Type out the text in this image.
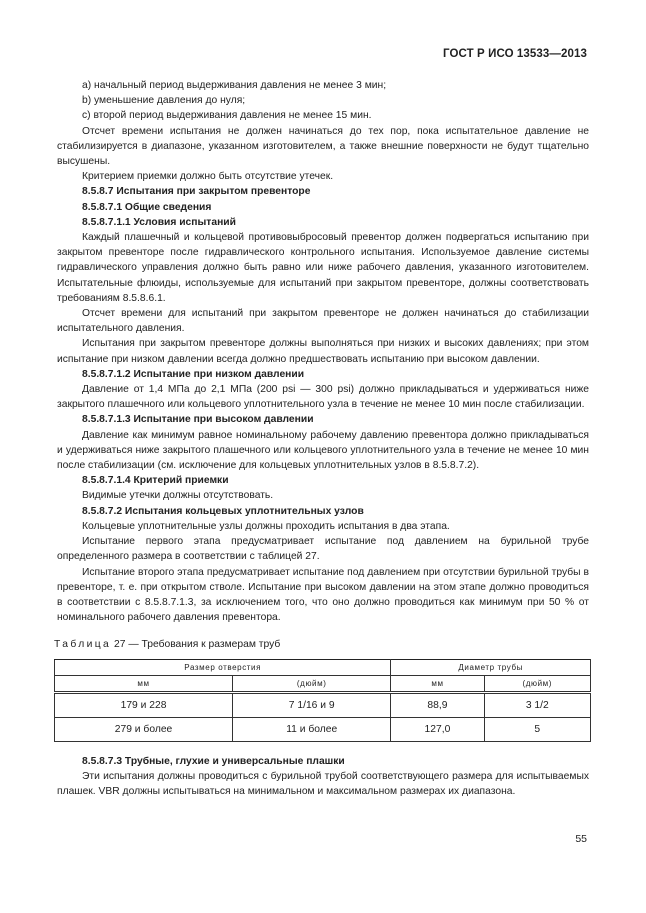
ГОСТ Р ИСО 13533—2013
a) начальный период выдерживания давления не менее 3 мин;
b) уменьшение давления до нуля;
c) второй период выдерживания давления не менее 15 мин.
Отсчет времени испытания не должен начинаться до тех пор, пока испытательное давление не стабилизируется в диапазоне, указанном изготовителем, а также внешние поверхности не будут тщательно высушены.
Критерием приемки должно быть отсутствие утечек.
8.5.8.7 Испытания при закрытом превенторе
8.5.8.7.1 Общие сведения
8.5.8.7.1.1 Условия испытаний
Каждый плашечный и кольцевой противовыбросовый превентор должен подвергаться испытанию при закрытом превенторе после гидравлического контрольного испытания. Используемое давление системы гидравлического управления должно быть равно или ниже рабочего давления, указанного изготовителем. Испытательные флюиды, используемые для испытаний при закрытом превенторе, должны соответствовать требованиям 8.5.8.6.1.
Отсчет времени для испытаний при закрытом превенторе не должен начинаться до стабилизации испытательного давления.
Испытания при закрытом превенторе должны выполняться при низких и высоких давлениях; при этом испытание при низком давлении всегда должно предшествовать испытанию при высоком давлении.
8.5.8.7.1.2 Испытание при низком давлении
Давление от 1,4 МПа до 2,1 МПа (200 psi — 300 psi) должно прикладываться и удерживаться ниже закрытого плашечного или кольцевого уплотнительного узла в течение не менее 10 мин после стабилизации.
8.5.8.7.1.3 Испытание при высоком давлении
Давление как минимум равное номинальному рабочему давлению превентора должно прикладываться и удерживаться ниже закрытого плашечного или кольцевого уплотнительного узла в течение не менее 10 мин после стабилизации (см. исключение для кольцевых уплотнительных узлов в 8.5.8.7.2).
8.5.8.7.1.4 Критерий приемки
Видимые утечки должны отсутствовать.
8.5.8.7.2 Испытания кольцевых уплотнительных узлов
Кольцевые уплотнительные узлы должны проходить испытания в два этапа.
Испытание первого этапа предусматривает испытание под давлением на бурильной трубе определенного размера в соответствии с таблицей 27.
Испытание второго этапа предусматривает испытание под давлением при отсутствии бурильной трубы в превенторе, т. е. при открытом стволе. Испытание при высоком давлении на этом этапе должно проводиться в соответствии с 8.5.8.7.1.3, за исключением того, что оно должно проводиться как минимум при 50 % от номинального рабочего давления превентора.
Таблица 27 — Требования к размерам труб
Размер отверстия		Диаметр трубы	
мм	(дюйм)	мм	(дюйм)
179 и 228	7 1/16 и 9	88,9	3 1/2
279 и более	11 и более	127,0	5
8.5.8.7.3 Трубные, глухие и универсальные плашки
Эти испытания должны проводиться с бурильной трубой соответствующего размера для испытываемых плашек. VBR должны испытываться на минимальном и максимальном размерах их диапазона.
55
